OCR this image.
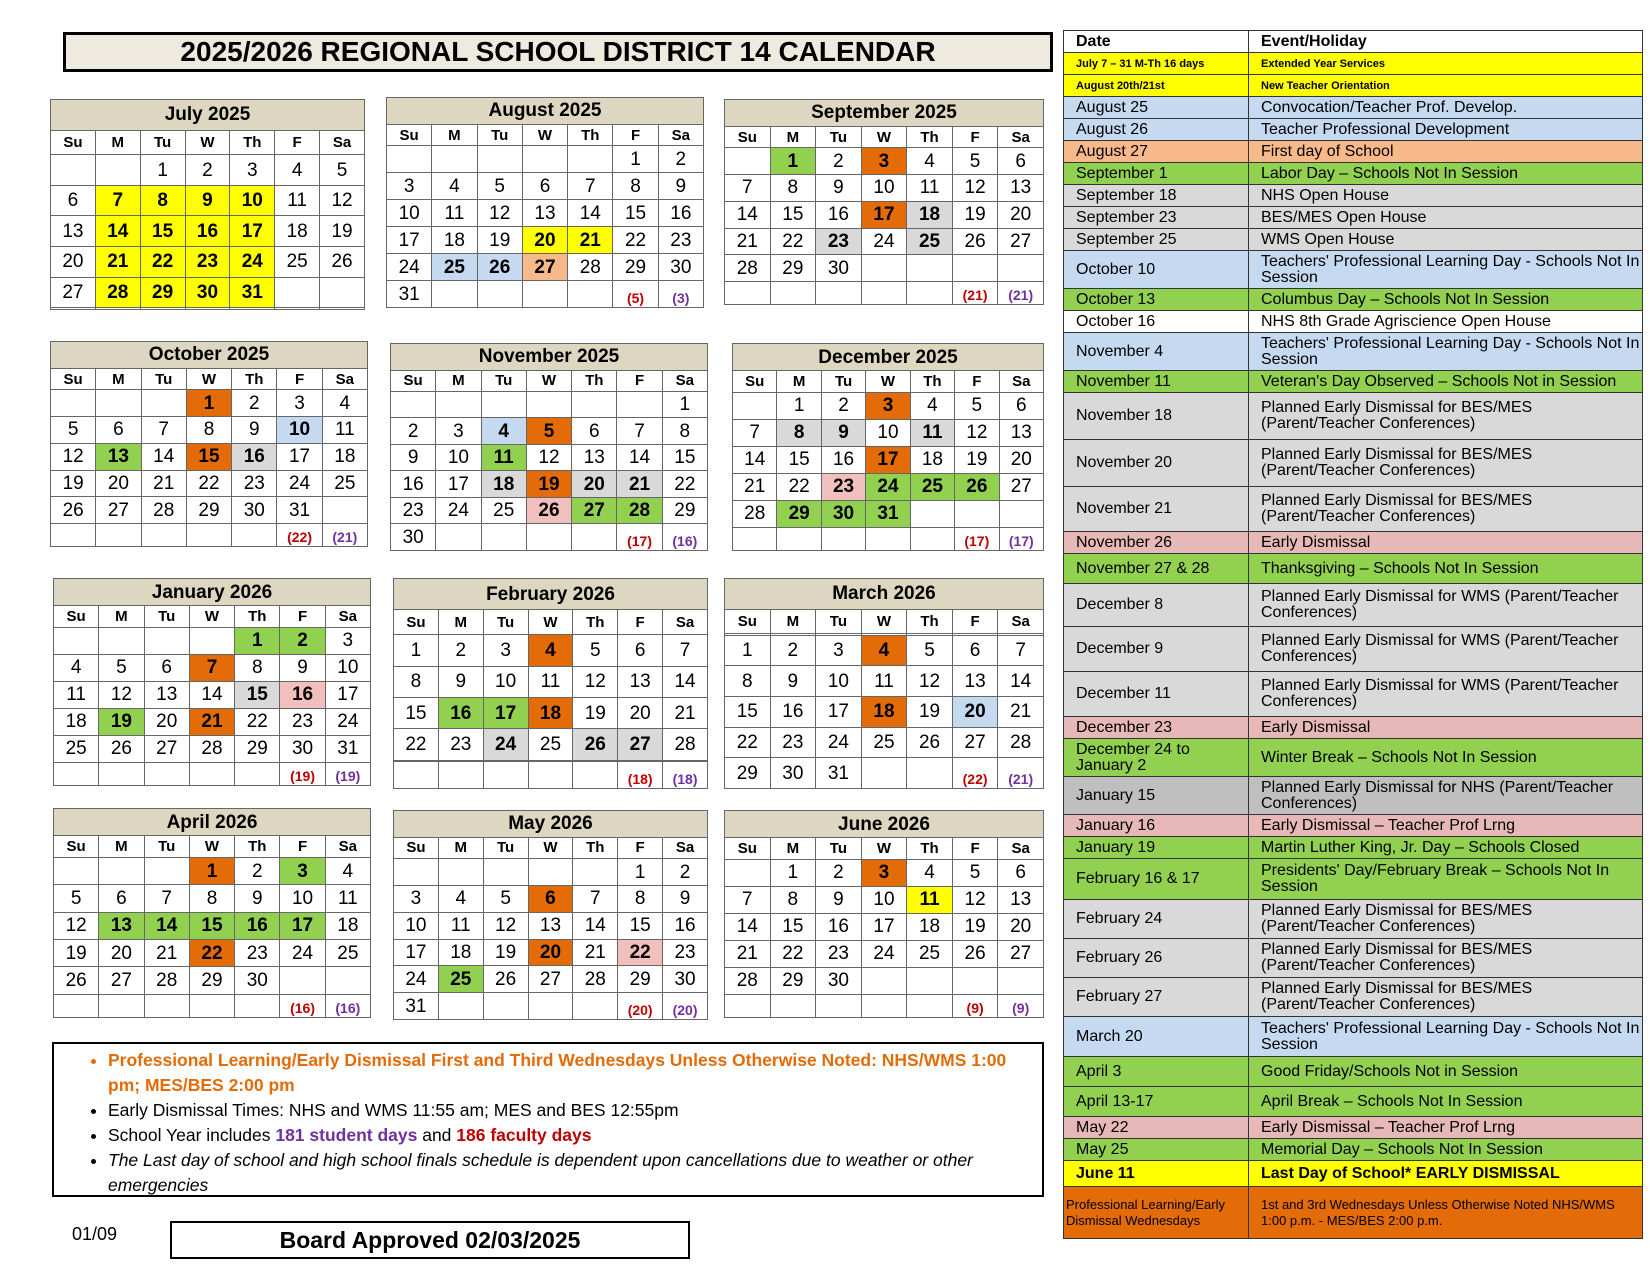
2025/2026 REGIONAL SCHOOL DISTRICT 14 CALENDAR
July 2025						
Su	M	Tu	W	Th	F	Sa
		1	2	3	4	5
6	7	8	9	10	11	12
13	14	15	16	17	18	19
20	21	22	23	24	25	26
27	28	29	30	31		

August 2025						
Su	M	Tu	W	Th	F	Sa
					1	2
3	4	5	6	7	8	9
10	11	12	13	14	15	16
17	18	19	20	21	22	23
24	25	26	27	28	29	30
31					(5)	(3)
September 2025						
Su	M	Tu	W	Th	F	Sa
	1	2	3	4	5	6
7	8	9	10	11	12	13
14	15	16	17	18	19	20
21	22	23	24	25	26	27
28	29	30				
					(21)	(21)
October 2025						
Su	M	Tu	W	Th	F	Sa
			1	2	3	4
5	6	7	8	9	10	11
12	13	14	15	16	17	18
19	20	21	22	23	24	25
26	27	28	29	30	31	
					(22)	(21)
November 2025						
Su	M	Tu	W	Th	F	Sa
						1
2	3	4	5	6	7	8
9	10	11	12	13	14	15
16	17	18	19	20	21	22
23	24	25	26	27	28	29
30					(17)	(16)
December 2025						
Su	M	Tu	W	Th	F	Sa
	1	2	3	4	5	6
7	8	9	10	11	12	13
14	15	16	17	18	19	20
21	22	23	24	25	26	27
28	29	30	31			
					(17)	(17)
January 2026						
Su	M	Tu	W	Th	F	Sa
				1	2	3
4	5	6	7	8	9	10
11	12	13	14	15	16	17
18	19	20	21	22	23	24
25	26	27	28	29	30	31
					(19)	(19)
February 2026						
Su	M	Tu	W	Th	F	Sa
1	2	3	4	5	6	7
8	9	10	11	12	13	14
15	16	17	18	19	20	21
22	23	24	25	26	27	28

					(18)	(18)
March 2026						
Su	M	Tu	W	Th	F	Sa

1	2	3	4	5	6	7
8	9	10	11	12	13	14
15	16	17	18	19	20	21
22	23	24	25	26	27	28
29	30	31			(22)	(21)
April 2026						
Su	M	Tu	W	Th	F	Sa
			1	2	3	4
5	6	7	8	9	10	11
12	13	14	15	16	17	18
19	20	21	22	23	24	25
26	27	28	29	30		
					(16)	(16)
May 2026						
Su	M	Tu	W	Th	F	Sa
					1	2
3	4	5	6	7	8	9
10	11	12	13	14	15	16
17	18	19	20	21	22	23
24	25	26	27	28	29	30
31					(20)	(20)
June 2026						
Su	M	Tu	W	Th	F	Sa
	1	2	3	4	5	6
7	8	9	10	11	12	13
14	15	16	17	18	19	20
21	22	23	24	25	26	27
28	29	30				
					(9)	(9)
• Professional Learning/Early Dismissal First and Third Wednesdays Unless Otherwise Noted: NHS/WMS 1:00 pm; MES/BES 2:00 pm
• Early Dismissal Times: NHS and WMS 11:55 am; MES and BES 12:55pm
• School Year includes 181 student days and 186 faculty days
• The Last day of school and high school finals schedule is dependent upon cancellations due to weather or other emergencies
01/09	Board Approved 02/03/2025
Date	Event/Holiday
July 7 – 31 M-Th 16 days	Extended Year Services
August 20th/21st	New Teacher Orientation
August 25	Convocation/Teacher Prof. Develop.
August 26	Teacher Professional Development
August 27	First day of School
September 1	Labor Day – Schools Not In Session
September 18	NHS Open House
September 23	BES/MES Open House
September 25	WMS Open House
October 10	Teachers' Professional Learning Day - Schools Not In Session
October 13	Columbus Day – Schools Not In Session
October 16	NHS 8th Grade Agriscience Open House
November 4	Teachers' Professional Learning Day - Schools Not In Session
November 11	Veteran's Day Observed – Schools Not in Session
November 18	Planned Early Dismissal for BES/MES (Parent/Teacher Conferences)
November 20	Planned Early Dismissal for BES/MES (Parent/Teacher Conferences)
November 21	Planned Early Dismissal for BES/MES (Parent/Teacher Conferences)
November 26	Early Dismissal
November 27 & 28	Thanksgiving – Schools Not In Session
December 8	Planned Early Dismissal for WMS (Parent/Teacher Conferences)
December 9	Planned Early Dismissal for WMS (Parent/Teacher Conferences)
December 11	Planned Early Dismissal for WMS (Parent/Teacher Conferences)
December 23	Early Dismissal
December 24 to January 2	Winter Break – Schools Not In Session
January 15	Planned Early Dismissal for NHS (Parent/Teacher Conferences)
January 16	Early Dismissal – Teacher Prof Lrng
January 19	Martin Luther King, Jr. Day – Schools Closed
February 16 & 17	Presidents' Day/February Break – Schools Not In Session
February 24	Planned Early Dismissal for BES/MES (Parent/Teacher Conferences)
February 26	Planned Early Dismissal for BES/MES (Parent/Teacher Conferences)
February 27	Planned Early Dismissal for BES/MES (Parent/Teacher Conferences)
March 20	Teachers' Professional Learning Day - Schools Not In Session
April 3	Good Friday/Schools Not in Session
April 13-17	April Break – Schools Not In Session
May 22	Early Dismissal – Teacher Prof Lrng
May 25	Memorial Day – Schools Not In Session
June 11	Last Day of School* EARLY DISMISSAL
Professional Learning/Early Dismissal Wednesdays	1st and 3rd Wednesdays Unless Otherwise Noted NHS/WMS 1:00 p.m. - MES/BES 2:00 p.m.
